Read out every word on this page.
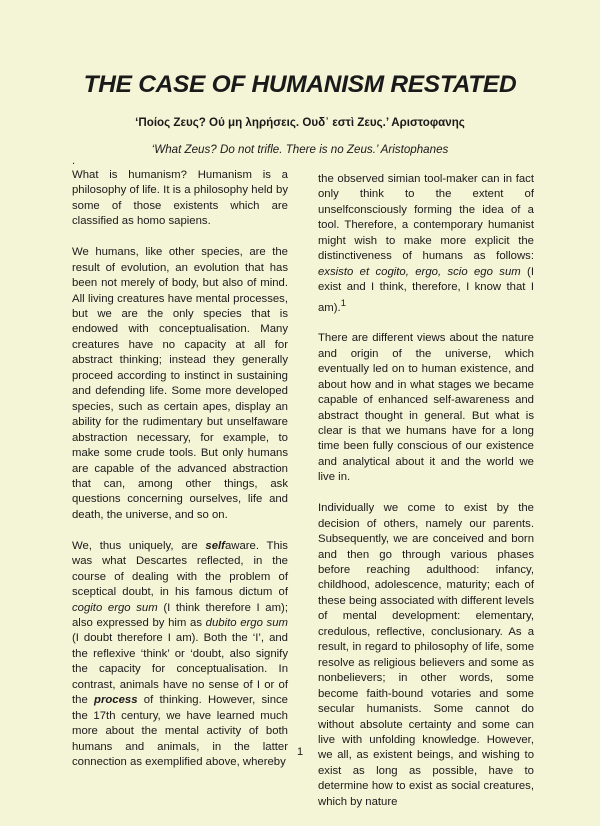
THE CASE OF HUMANISM RESTATED
‘Ποίος Ζευς? Ού μη ληρήσεις. Ουδ᾽ εστὶ Ζευς.’ Αριστοφανης
‘What Zeus? Do not trifle. There is no Zeus.’ Aristophanes
.

What is humanism? Humanism is a philosophy of life. It is a philosophy held by some of those existents which are classified as homo sapiens.

We humans, like other species, are the result of evolution, an evolution that has been not merely of body, but also of mind. All living creatures have mental processes, but we are the only species that is endowed with conceptualisation. Many creatures have no capacity at all for abstract thinking; instead they generally proceed according to instinct in sustaining and defending life. Some more developed species, such as certain apes, display an ability for the rudimentary but unselfaware abstraction necessary, for example, to make some crude tools. But only humans are capable of the advanced abstraction that can, among other things, ask questions concerning ourselves, life and death, the universe, and so on.

We, thus uniquely, are selfaware. This was what Descartes reflected, in the course of dealing with the problem of sceptical doubt, in his famous dictum of cogito ergo sum (I think therefore I am); also expressed by him as dubito ergo sum (I doubt therefore I am). Both the ‘I’, and the reflexive ‘think’ or ‘doubt, also signify the capacity for conceptualisation. In contrast, animals have no sense of I or of the process of thinking. However, since the 17th century, we have learned much more about the mental activity of both humans and animals, in the latter connection as exemplified above, whereby

the observed simian tool-maker can in fact only think to the extent of unselfconsciously forming the idea of a tool. Therefore, a contemporary humanist might wish to make more explicit the distinctiveness of humans as follows: exsisto et cogito, ergo, scio ego sum (I exist and I think, therefore, I know that I am).$^1$

There are different views about the nature and origin of the universe, which eventually led on to human existence, and about how and in what stages we became capable of enhanced self-awareness and abstract thought in general. But what is clear is that we humans have for a long time been fully conscious of our existence and analytical about it and the world we live in.

Individually we come to exist by the decision of others, namely our parents. Subsequently, we are conceived and born and then go through various phases before reaching adulthood: infancy, childhood, adolescence, maturity; each of these being associated with different levels of mental development: elementary, credulous, reflective, conclusionary. As a result, in regard to philosophy of life, some resolve as religious believers and some as nonbelievers; in other words, some become faith-bound votaries and some secular humanists. Some cannot do without absolute certainty and some can live with unfolding knowledge. However, we all, as existent beings, and wishing to exist as long as possible, have to determine how to exist as social creatures, which by nature

1
